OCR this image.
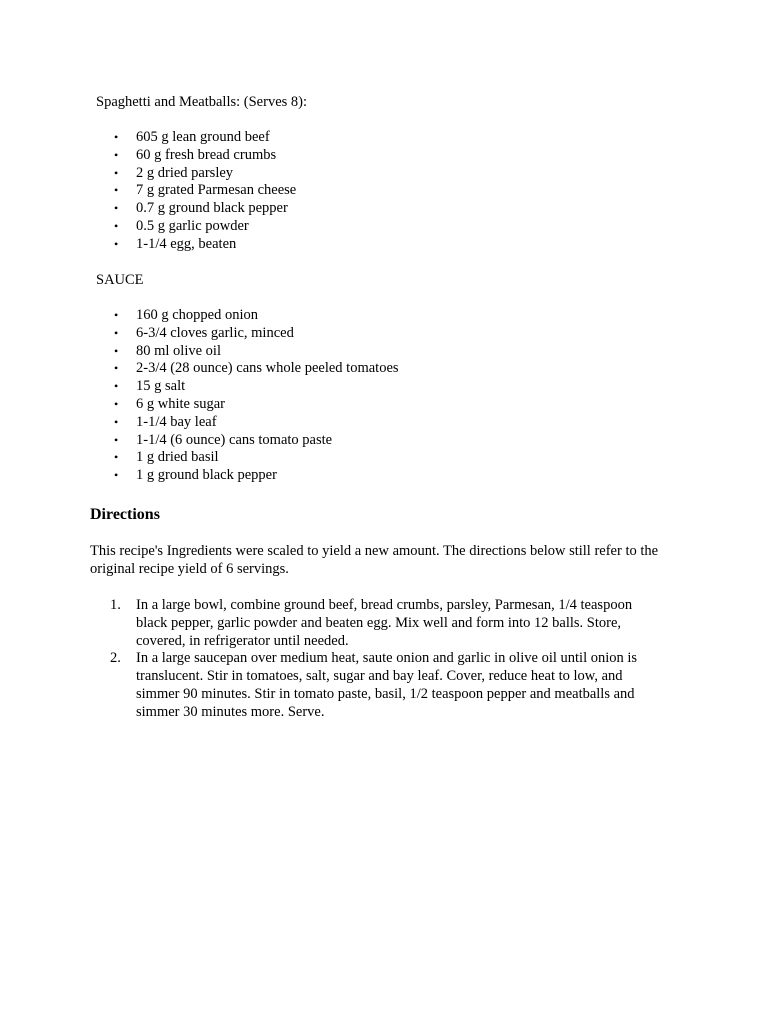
Spaghetti and Meatballs: (Serves 8):

• 605 g lean ground beef
• 60 g fresh bread crumbs
• 2 g dried parsley
• 7 g grated Parmesan cheese
• 0.7 g ground black pepper
• 0.5 g garlic powder
• 1-1/4 egg, beaten

SAUCE

• 160 g chopped onion
• 6-3/4 cloves garlic, minced
• 80 ml olive oil
• 2-3/4 (28 ounce) cans whole peeled tomatoes
• 15 g salt
• 6 g white sugar
• 1-1/4 bay leaf
• 1-1/4 (6 ounce) cans tomato paste
• 1 g dried basil
• 1 g ground black pepper
Directions

This recipe's Ingredients were scaled to yield a new amount. The directions below still refer to the original recipe yield of 6 servings.

1. In a large bowl, combine ground beef, bread crumbs, parsley, Parmesan, 1/4 teaspoon black pepper, garlic powder and beaten egg. Mix well and form into 12 balls. Store, covered, in refrigerator until needed.
2. In a large saucepan over medium heat, saute onion and garlic in olive oil until onion is translucent. Stir in tomatoes, salt, sugar and bay leaf. Cover, reduce heat to low, and simmer 90 minutes. Stir in tomato paste, basil, 1/2 teaspoon pepper and meatballs and simmer 30 minutes more. Serve.
